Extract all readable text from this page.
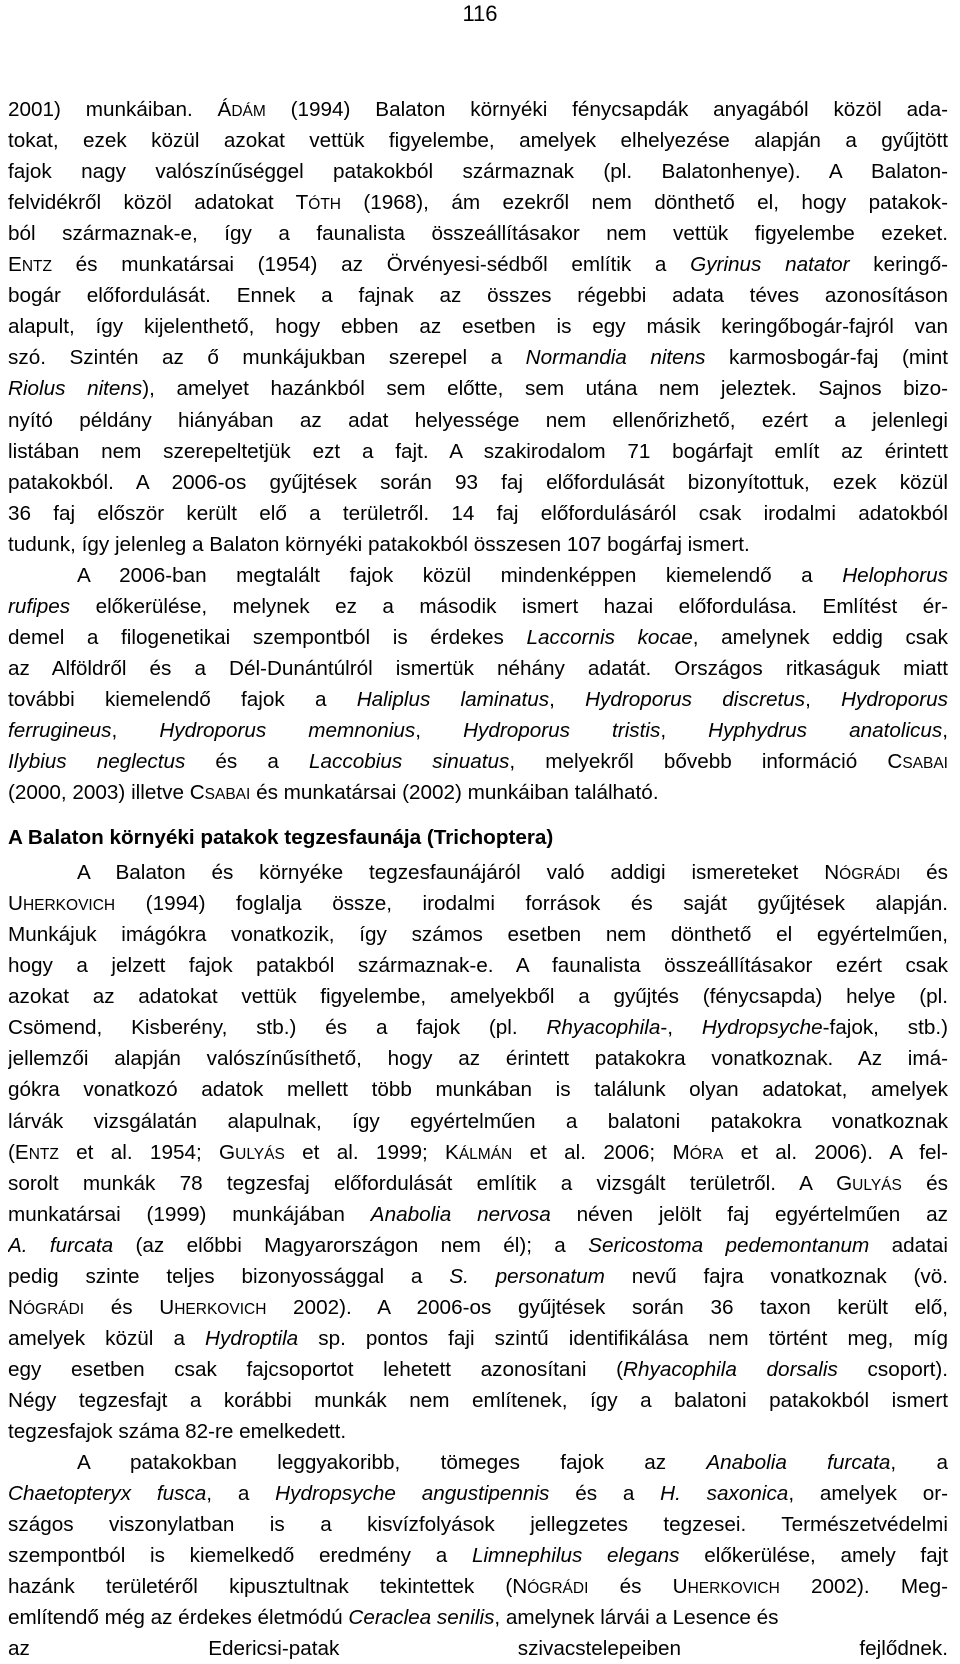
116
2001) munkáiban. ÁDÁM (1994) Balaton környéki fénycsapdák anyagából közöl ada-
tokat, ezek közül azokat vettük figyelembe, amelyek elhelyezése alapján a gyűjtött
fajok nagy valószínűséggel patakokból származnak (pl. Balatonhenye). A Balaton-
felvidékről közöl adatokat TÓTH (1968), ám ezekről nem dönthető el, hogy patakok-
ból származnak-e, így a faunalista összeállításakor nem vettük figyelembe ezeket.
ENTZ és munkatársai (1954) az Örvényesi-sédből említik a Gyrinus natator keringő-
bogár előfordulását. Ennek a fajnak az összes régebbi adata téves azonosításon
alapult, így kijelenthető, hogy ebben az esetben is egy másik keringőbogár-fajról van
szó. Szintén az ő munkájukban szerepel a Normandia nitens karmosbogár-faj (mint
Riolus nitens), amelyet hazánkból sem előtte, sem utána nem jeleztek. Sajnos bizo-
nyító példány hiányában az adat helyessége nem ellenőrizhető, ezért a jelenlegi
listában nem szerepeltetjük ezt a fajt. A szakirodalom 71 bogárfajt említ az érintett
patakokból. A 2006-os gyűjtések során 93 faj előfordulását bizonyítottuk, ezek közül
36 faj először került elő a területről. 14 faj előfordulásáról csak irodalmi adatokból
tudunk, így jelenleg a Balaton környéki patakokból összesen 107 bogárfaj ismert.
A 2006-ban megtalált fajok közül mindenképpen kiemelendő a Helophorus
rufipes előkerülése, melynek ez a második ismert hazai előfordulása. Említést ér-
demel a filogenetikai szempontból is érdekes Laccornis kocae, amelynek eddig csak
az Alföldről és a Dél-Dunántúlról ismertük néhány adatát. Országos ritkaságuk miatt
további kiemelendő fajok a Haliplus laminatus, Hydroporus discretus, Hydroporus
ferrugineus, Hydroporus memnonius, Hydroporus tristis, Hyphydrus anatolicus,
Ilybius neglectus és a Laccobius sinuatus, melyekről bővebb információ CSABAI
(2000, 2003) illetve CSABAI és munkatársai (2002) munkáiban található.
A Balaton környéki patakok tegzesfaunája (Trichoptera)
A Balaton és környéke tegzesfaunájáról való addigi ismereteket NÓGRÁDI és
UHERKOVICH (1994) foglalja össze, irodalmi források és saját gyűjtések alapján.
Munkájuk imágókra vonatkozik, így számos esetben nem dönthető el egyértelműen,
hogy a jelzett fajok patakból származnak-e. A faunalista összeállításakor ezért csak
azokat az adatokat vettük figyelembe, amelyekből a gyűjtés (fénycsapda) helye (pl.
Csömend, Kisberény, stb.) és a fajok (pl. Rhyacophila-, Hydropsyche-fajok, stb.)
jellemzői alapján valószínűsíthető, hogy az érintett patakokra vonatkoznak. Az imá-
gókra vonatkozó adatok mellett több munkában is találunk olyan adatokat, amelyek
lárvák vizsgálatán alapulnak, így egyértelműen a balatoni patakokra vonatkoznak
(ENTZ et al. 1954; GULYÁS et al. 1999; KÁLMÁN et al. 2006; MÓRA et al. 2006). A fel-
sorolt munkák 78 tegzesfaj előfordulását említik a vizsgált területről. A GULYÁS és
munkatársai (1999) munkájában Anabolia nervosa néven jelölt faj egyértelműen az
A. furcata (az előbbi Magyarországon nem él); a Sericostoma pedemontanum adatai
pedig szinte teljes bizonyossággal a S. personatum nevű fajra vonatkoznak (vö.
NÓGRÁDI és UHERKOVICH 2002). A 2006-os gyűjtések során 36 taxon került elő,
amelyek közül a Hydroptila sp. pontos faji szintű identifikálása nem történt meg, míg
egy esetben csak fajcsoportot lehetett azonosítani (Rhyacophila dorsalis csoport).
Négy tegzesfajt a korábbi munkák nem említenek, így a balatoni patakokból ismert
tegzesfajok száma 82-re emelkedett.
A patakokban leggyakoribb, tömeges fajok az Anabolia furcata, a
Chaetopteryx fusca, a Hydropsyche angustipennis és a H. saxonica, amelyek or-
szágos viszonylatban is a kisvízfolyások jellegzetes tegzesei. Természetvédelmi
szempontból is kiemelkedő eredmény a Limnephilus elegans előkerülése, amely fajt
hazánk területéről kipusztultnak tekintettek (NÓGRÁDI és UHERKOVICH 2002). Meg-
említendő még az érdekes életmódú Ceraclea senilis, amelynek lárvái a Lesence és
az Edericsi-patak szivacstelepeiben fejlődnek.
